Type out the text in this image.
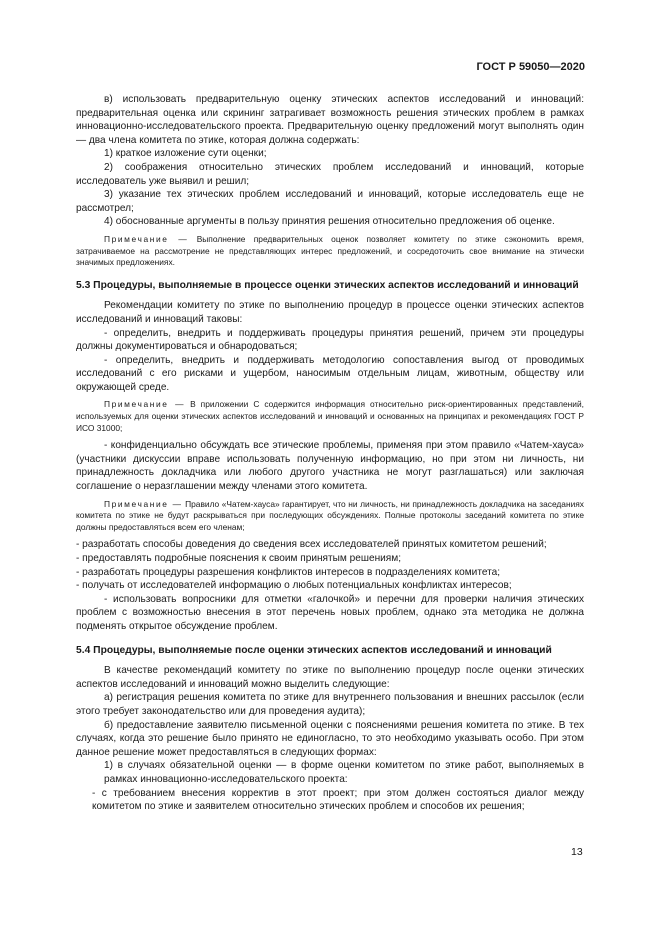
ГОСТ Р 59050—2020

в) использовать предварительную оценку этических аспектов исследований и инноваций: предварительная оценка или скрининг затрагивает возможность решения этических проблем в рамках инновационно-исследовательского проекта. Предварительную оценку предложений могут выполнять один — два члена комитета по этике, которая должна содержать:

1) краткое изложение сути оценки;

2) соображения относительно этических проблем исследований и инноваций, которые исследователь уже выявил и решил;

3) указание тех этических проблем исследований и инноваций, которые исследователь еще не рассмотрел;

4) обоснованные аргументы в пользу принятия решения относительно предложения об оценке.

Примечание — Выполнение предварительных оценок позволяет комитету по этике сэкономить время, затрачиваемое на рассмотрение не представляющих интерес предложений, и сосредоточить свое внимание на этически значимых предложениях.

5.3 Процедуры, выполняемые в процессе оценки этических аспектов исследований и инноваций

Рекомендации комитету по этике по выполнению процедур в процессе оценки этических аспектов исследований и инноваций таковы:

- определить, внедрить и поддерживать процедуры принятия решений, причем эти процедуры должны документироваться и обнародоваться;

- определить, внедрить и поддерживать методологию сопоставления выгод от проводимых исследований с его рисками и ущербом, наносимым отдельным лицам, животным, обществу или окружающей среде.

Примечание — В приложении С содержится информация относительно риск-ориентированных представлений, используемых для оценки этических аспектов исследований и инноваций и основанных на принципах и рекомендациях ГОСТ Р ИСО 31000;

- конфиденциально обсуждать все этические проблемы, применяя при этом правило «Чатем-хауса» (участники дискуссии вправе использовать полученную информацию, но при этом ни личность, ни принадлежность докладчика или любого другого участника не могут разглашаться) или заключая соглашение о неразглашении между членами этого комитета.

Примечание — Правило «Чатем-хауса» гарантирует, что ни личность, ни принадлежность докладчика на заседаниях комитета по этике не будут раскрываться при последующих обсуждениях. Полные протоколы заседаний комитета по этике должны предоставляться всем его членам;

- разработать способы доведения до сведения всех исследователей принятых комитетом решений;

- предоставлять подробные пояснения к своим принятым решениям;

- разработать процедуры разрешения конфликтов интересов в подразделениях комитета;

- получать от исследователей информацию о любых потенциальных конфликтах интересов;

- использовать вопросники для отметки «галочкой» и перечни для проверки наличия этических проблем с возможностью внесения в этот перечень новых проблем, однако эта методика не должна подменять открытое обсуждение проблем.

5.4 Процедуры, выполняемые после оценки этических аспектов исследований и инноваций

В качестве рекомендаций комитету по этике по выполнению процедур после оценки этических аспектов исследований и инноваций можно выделить следующие:

а) регистрация решения комитета по этике для внутреннего пользования и внешних рассылок (если этого требует законодательство или для проведения аудита);

б) предоставление заявителю письменной оценки с пояснениями решения комитета по этике. В тех случаях, когда это решение было принято не единогласно, то это необходимо указывать особо. При этом данное решение может предоставляться в следующих формах:

1) в случаях обязательной оценки — в форме оценки комитетом по этике работ, выполняемых в рамках инновационно-исследовательского проекта:

- с требованием внесения корректив в этот проект; при этом должен состояться диалог между комитетом по этике и заявителем относительно этических проблем и способов их решения;

13
